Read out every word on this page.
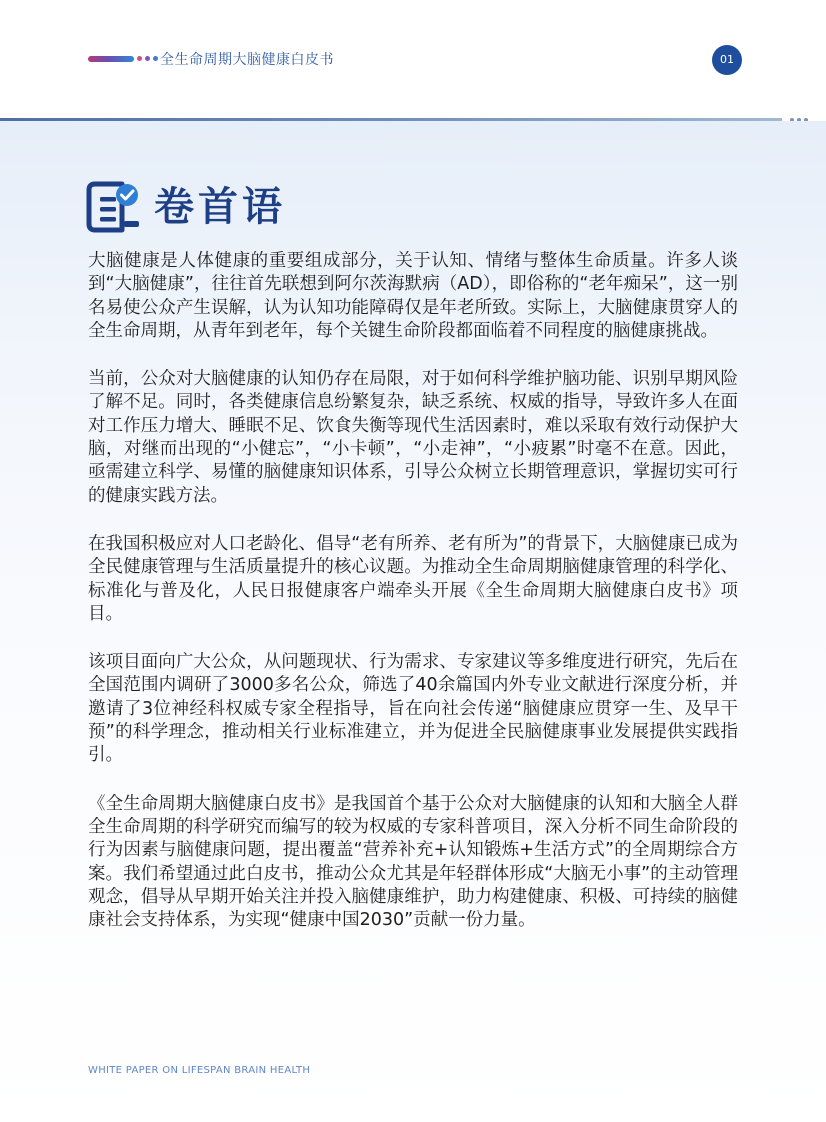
全生命周期大脑健康白皮书	01
卷首语

大脑健康是人体健康的重要组成部分，关于认知、情绪与整体生命质量。许多人谈到“大脑健康”，往往首先联想到阿尔茨海默病（AD），即俗称的“老年痴呆”，这一别名易使公众产生误解，认为认知功能障碍仅是年老所致。实际上，大脑健康贯穿人的全生命周期，从青年到老年，每个关键生命阶段都面临着不同程度的脑健康挑战。

当前，公众对大脑健康的认知仍存在局限，对于如何科学维护脑功能、识别早期风险了解不足。同时，各类健康信息纷繁复杂，缺乏系统、权威的指导，导致许多人在面对工作压力增大、睡眠不足、饮食失衡等现代生活因素时，难以采取有效行动保护大脑，对继而出现的“小健忘”，“小卡顿”，“小走神”，“小疲累”时毫不在意。因此，亟需建立科学、易懂的脑健康知识体系，引导公众树立长期管理意识，掌握切实可行的健康实践方法。

在我国积极应对人口老龄化、倡导“老有所养、老有所为”的背景下，大脑健康已成为全民健康管理与生活质量提升的核心议题。为推动全生命周期脑健康管理的科学化、标准化与普及化，人民日报健康客户端牵头开展《全生命周期大脑健康白皮书》项目。

该项目面向广大公众，从问题现状、行为需求、专家建议等多维度进行研究，先后在全国范围内调研了3000多名公众，筛选了40余篇国内外专业文献进行深度分析，并邀请了3位神经科权威专家全程指导，旨在向社会传递“脑健康应贯穿一生、及早干预”的科学理念，推动相关行业标准建立，并为促进全民脑健康事业发展提供实践指引。

《全生命周期大脑健康白皮书》是我国首个基于公众对大脑健康的认知和大脑全人群全生命周期的科学研究而编写的较为权威的专家科普项目，深入分析不同生命阶段的行为因素与脑健康问题，提出覆盖“营养补充+认知锻炼+生活方式”的全周期综合方案。我们希望通过此白皮书，推动公众尤其是年轻群体形成“大脑无小事”的主动管理观念，倡导从早期开始关注并投入脑健康维护，助力构建健康、积极、可持续的脑健康社会支持体系，为实现“健康中国2030”贡献一份力量。

WHITE PAPER ON LIFESPAN BRAIN HEALTH
